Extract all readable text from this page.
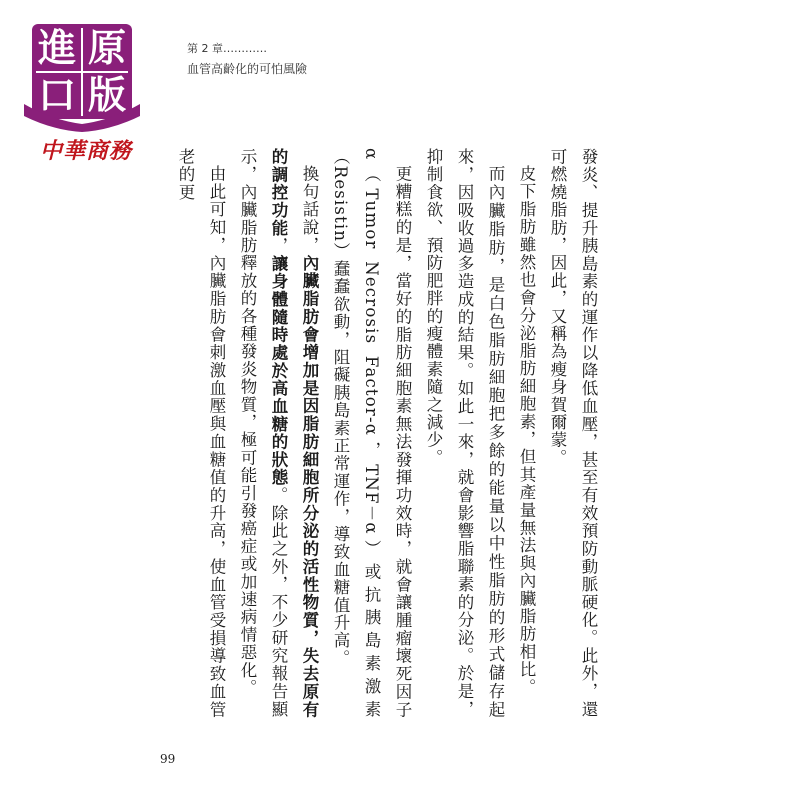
進 原
口 版
中華商務
第 2 章…………
血管高齡化的可怕風險

發炎、提升胰島素的運作以降低血壓，甚至有效預防動脈硬化。此外，還可燃燒脂肪，因此，又稱為瘦身賀爾蒙。

皮下脂肪雖然也會分泌脂肪細胞素，但其產量無法與內臟脂肪相比。

而內臟脂肪，是白色脂肪細胞把多餘的能量以中性脂肪的形式儲存起來，因吸收過多造成的結果。如此一來，就會影響脂聯素的分泌。於是，抑制食欲、預防肥胖的瘦體素隨之減少。

更糟糕的是，當好的脂肪細胞素無法發揮功效時，就會讓腫瘤壞死因子α（Tumor Necrosis Factor-α，TNF－α）或抗胰島素激素（Resistin）蠢蠢欲動，阻礙胰島素正常運作，導致血糖值升高。

換句話說，內臟脂肪會增加是因脂肪細胞所分泌的活性物質，失去原有的調控功能，讓身體隨時處於高血糖的狀態。除此之外，不少研究報告顯示，內臟脂肪釋放的各種發炎物質，極可能引發癌症或加速病情惡化。

由此可知，內臟脂肪會刺激血壓與血糖值的升高，使血管受損導致血管老的更

99
